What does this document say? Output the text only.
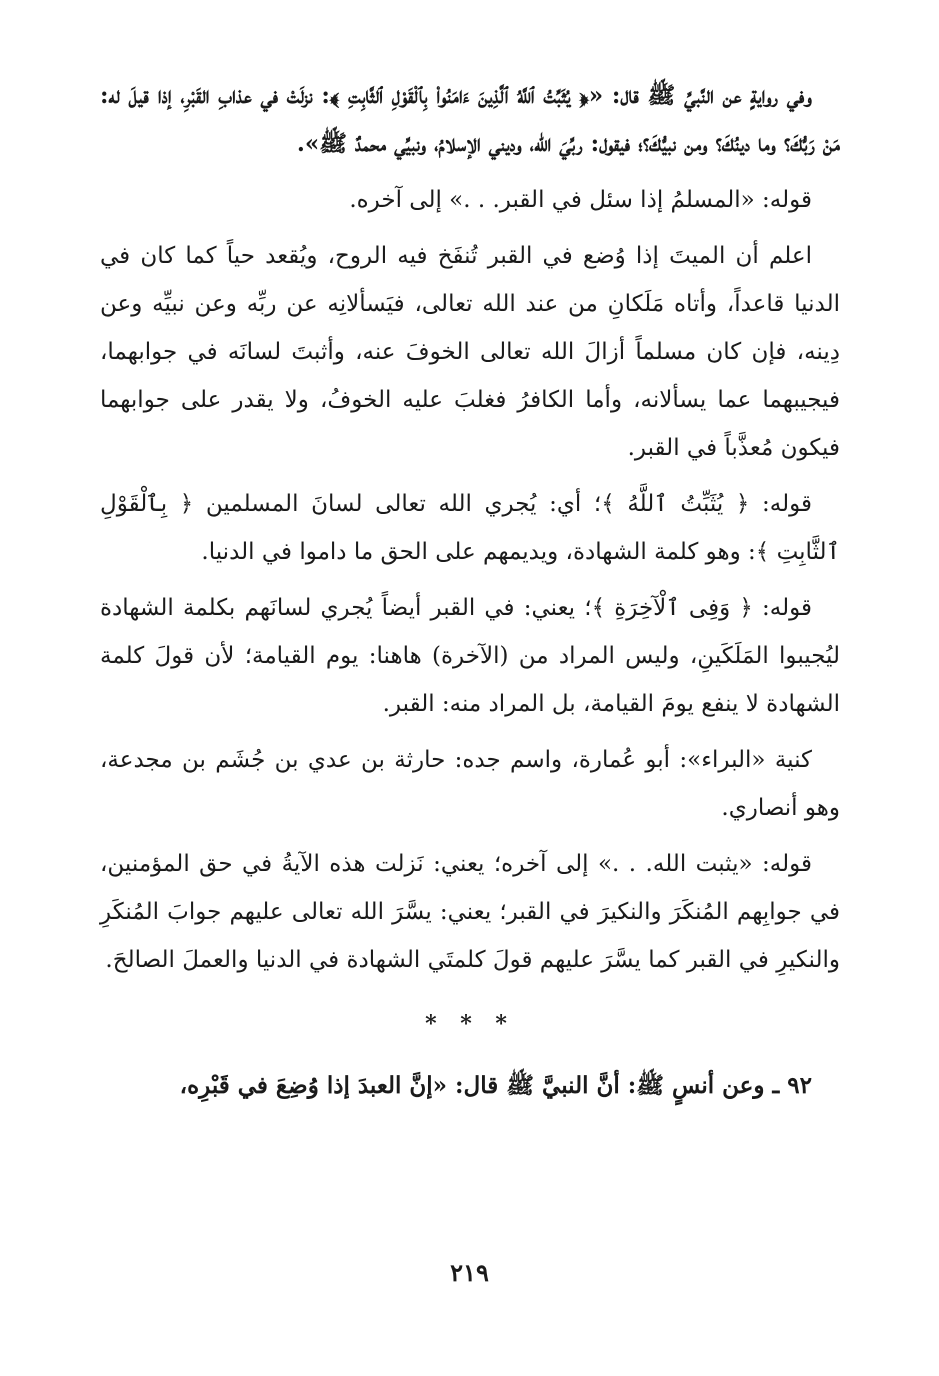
وفي روايةٍ عن النَّبيِّ ﷺ قال: «﴿ يُثَبِّتُ ٱللَّهُ ٱلَّذِينَ ءَامَنُواْ بِٱلْقَوْلِ ٱلثَّابِتِ ﴾: نزلَتْ في عذابِ القَبْرِ، إذا قيلَ له: مَنْ رَبُّكَ؟ وما دينُكَ؟ ومن نبيُّكَ؟؛ فيقول: ربِّيَ الله، وديني الإسلامُ، ونبيِّي محمدٌ ﷺ».

قوله: «المسلمُ إذا سئل في القبر. . .» إلى آخره.

اعلم أن الميتَ إذا وُضع في القبر تُنفَخ فيه الروح، ويُقعد حياً كما كان في الدنيا قاعداً، وأتاه مَلَكانِ من عند الله تعالى، فيَسألانِه عن ربِّه وعن نبيِّه وعن دِينه، فإن كان مسلماً أزالَ الله تعالى الخوفَ عنه، وأثبتَ لسانَه في جوابهما، فيجيبهما عما يسألانه، وأما الكافرُ فغلبَ عليه الخوفُ، ولا يقدر على جوابهما فيكون مُعذَّباً في القبر.

قوله: ﴿ يُثَبِّتُ ٱللَّهُ ﴾؛ أي: يُجري الله تعالى لسانَ المسلمين ﴿ بِٱلْقَوْلِ ٱلثَّابِتِ ﴾: وهو كلمة الشهادة، ويديمهم على الحق ما داموا في الدنيا.

قوله: ﴿ وَفِى ٱلْآخِرَةِ ﴾؛ يعني: في القبر أيضاً يُجري لسانَهم بكلمة الشهادة ليُجيبوا المَلَكَينِ، وليس المراد من (الآخرة) هاهنا: يوم القيامة؛ لأن قولَ كلمة الشهادة لا ينفع يومَ القيامة، بل المراد منه: القبر.

كنية «البراء»: أبو عُمارة، واسم جده: حارثة بن عدي بن جُشَم بن مجدعة، وهو أنصاري.

قوله: «يثبت الله. . .» إلى آخره؛ يعني: نَزلت هذه الآيةُ في حق المؤمنين، في جوابِهم المُنكَرَ والنكيرَ في القبر؛ يعني: يسَّرَ الله تعالى عليهم جوابَ المُنكَرِ والنكيرِ في القبر كما يسَّرَ عليهم قولَ كلمتَي الشهادة في الدنيا والعملَ الصالحَ.

* * *

٩٢ ـ وعن أنسٍ ﷺ: أنَّ النبيَّ ﷺ قال: «إنَّ العبدَ إذا وُضِعَ في قَبْرِه،

٢١٩
